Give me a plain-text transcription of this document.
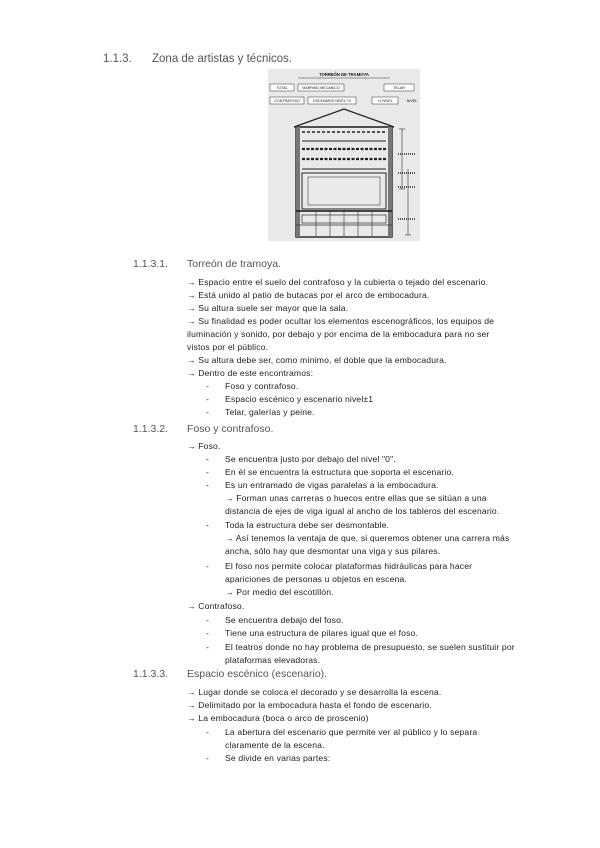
1.1.3. Zona de artistas y técnicos.
TORREÓN DE TRAMOYA
TOTAL	MARRINO MECANICO	TELAR
CONTRAFOSO	ESCENARIO NIVEL +0	+1 NIVEL	NIVEL
1.1.3.1. Torreón de tramoya.
→ Espacio entre el suelo del contrafoso y la cubierta o tejado del escenario.
→ Está unido al patio de butacas por el arco de embocadura.
→ Su altura suele ser mayor que la sala.
→ Su finalidad es poder ocultar los elementos escenográficos, los equipos de
iluminación y sonido, por debajo y por encima de la embocadura para no ser
vistos por el público.
→ Su altura debe ser, como mínimo, el doble que la embocadura.
→ Dentro de este encontramos:
- Foso y contrafoso.
- Espacio escénico y escenario nivel±1
- Telar, galerías y peine.
1.1.3.2. Foso y contrafoso.
→ Foso.
- Se encuentra justo por debajo del nivel "0".
- En él se encuentra la estructura que soporta el escenario.
- Es un entramado de vigas paralelas a la embocadura.
→ Forman unas carreras o huecos entre ellas que se sitúan a una
distancia de ejes de viga igual al ancho de los tableros del escenario.
- Toda la estructura debe ser desmontable.
→ Así tenemos la ventaja de que, si queremos obtener una carrera más
ancha, sólo hay que desmontar una viga y sus pilares.
- El foso nos permite colocar plataformas hidráulicas para hacer
apariciones de personas u objetos en escena.
→ Por medio del escotillón.
→ Contrafoso.
- Se encuentra debajo del foso.
- Tiene una estructura de pilares igual que el foso.
- El teatros donde no hay problema de presupuesto, se suelen sustituir por
plataformas elevadoras.
1.1.3.3. Espacio escénico (escenario).
→ Lugar donde se coloca el decorado y se desarrolla la escena.
→ Delimitado por la embocadura hasta el fondo de escenario.
→ La embocadura (boca o arco de proscenio)
- La abertura del escenario que permite ver al público y lo separa
claramente de la escena.
- Se divide en varias partes:
